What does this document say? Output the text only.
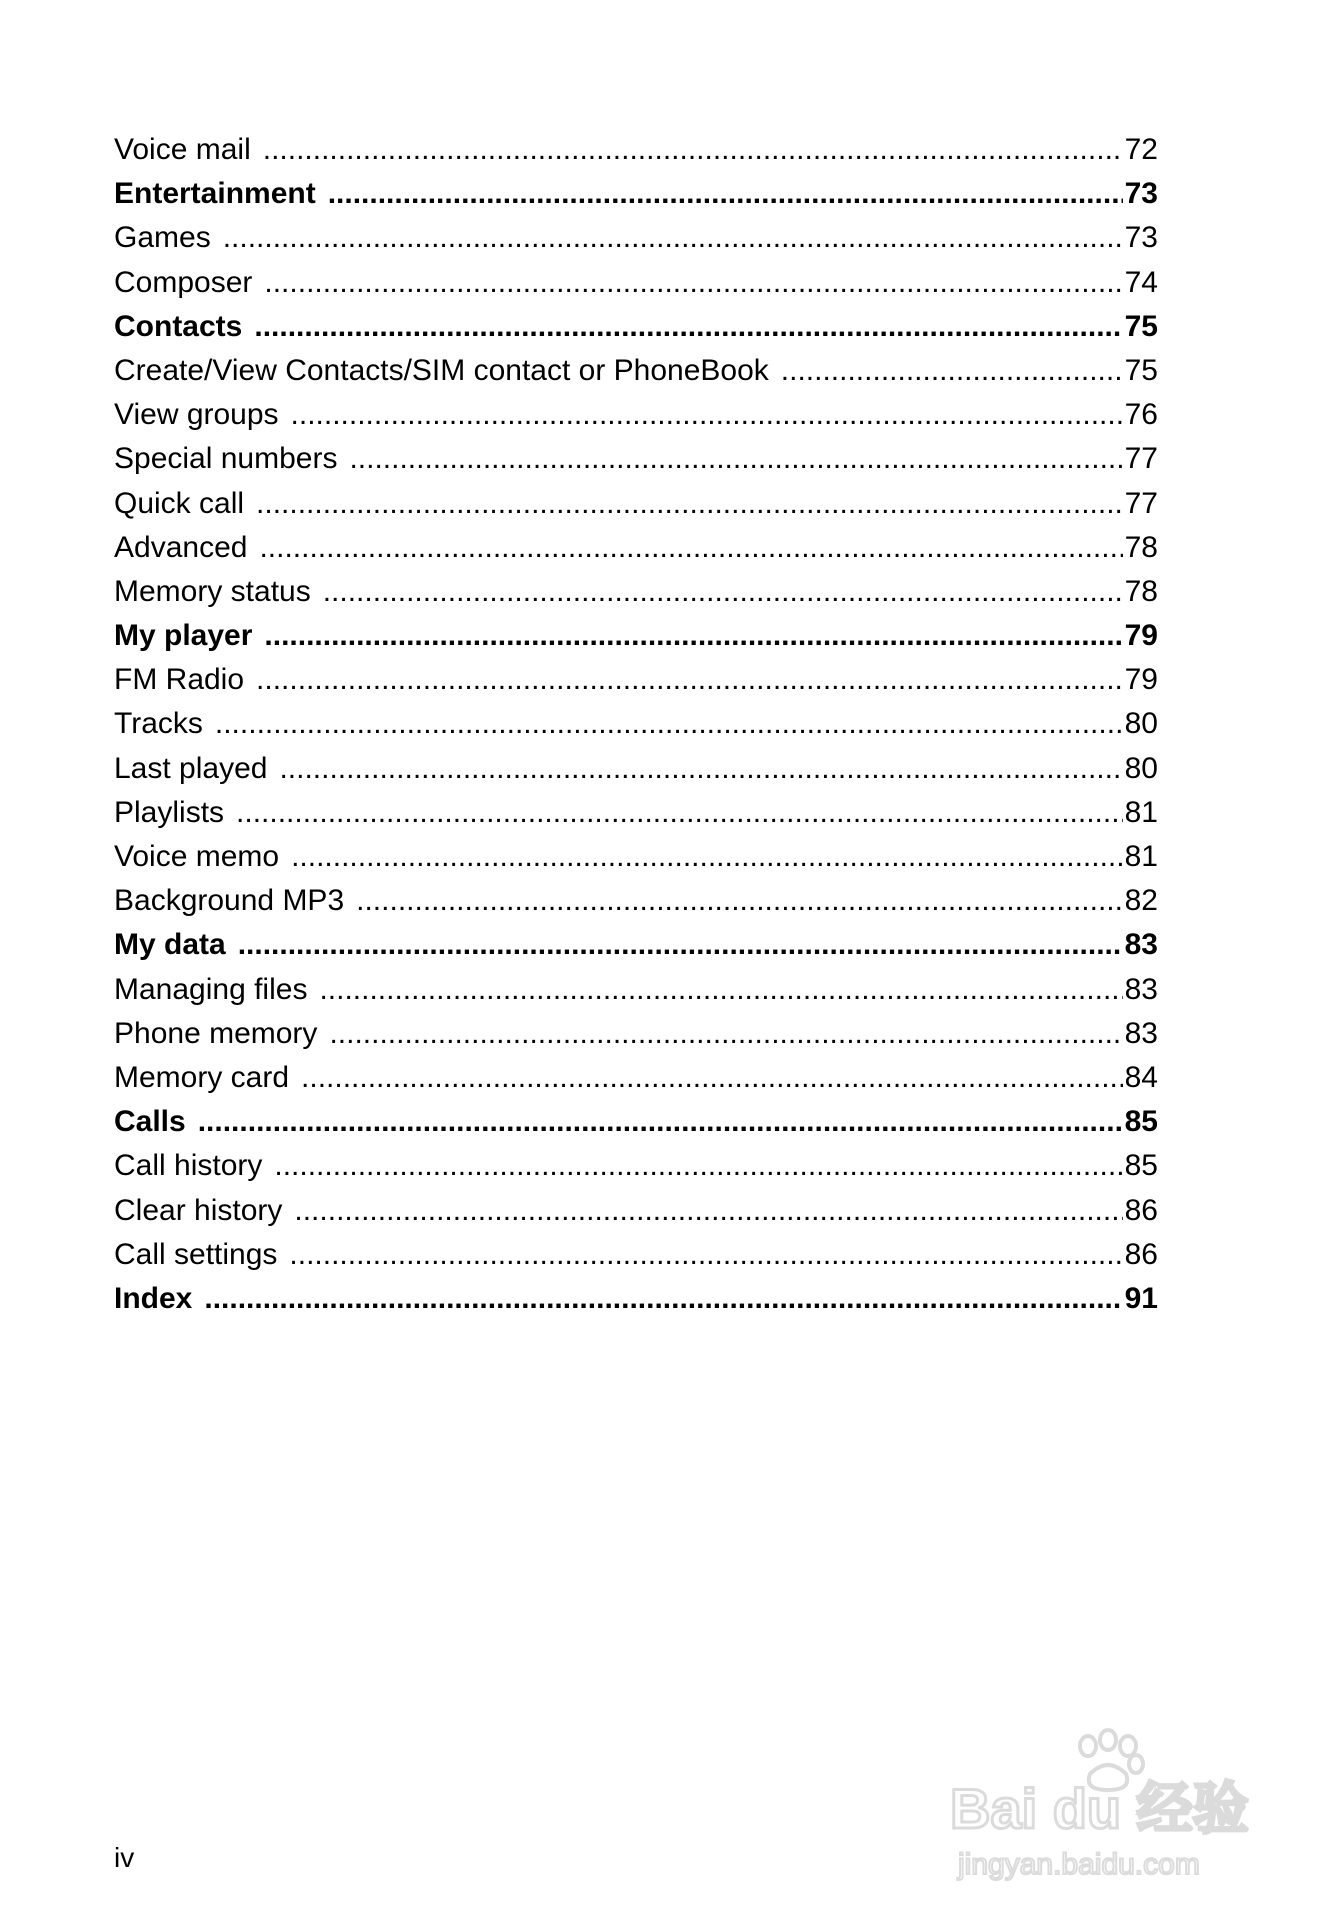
Voice mail .....	72
Entertainment .....	73
Games .....	73
Composer .....	74
Contacts .....	75
Create/View Contacts/SIM contact or PhoneBook .....	75
View groups .....	76
Special numbers .....	77
Quick call .....	77
Advanced .....	78
Memory status .....	78
My player .....	79
FM Radio .....	79
Tracks .....	80
Last played .....	80
Playlists .....	81
Voice memo .....	81
Background MP3 .....	82
My data .....	83
Managing files .....	83
Phone memory .....	83
Memory card .....	84
Calls .....	85
Call history .....	85
Clear history .....	86
Call settings .....	86
Index .....	91
iv
Bai du 经验
jingyan.baidu.com
